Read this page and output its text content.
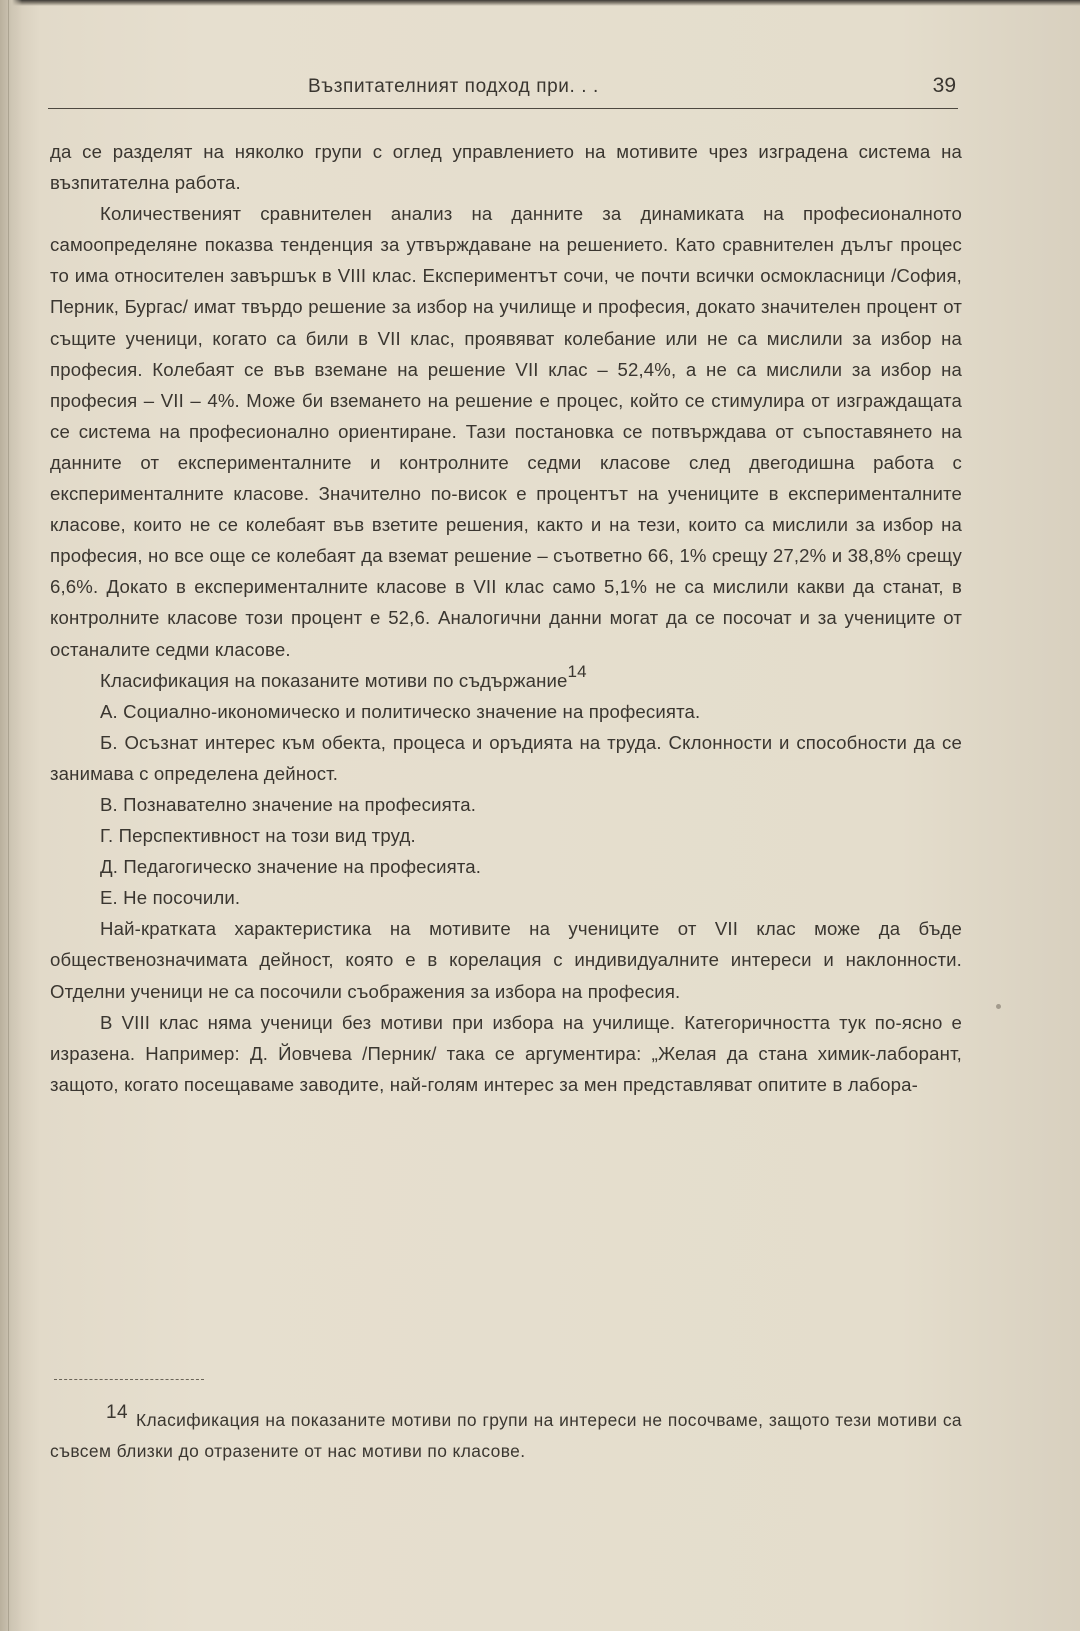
Възпитателният подход при. . .	39

да се разделят на няколко групи с оглед управлението на мотивите чрез изградена система на възпитателна работа.

Количественият сравнителен анализ на данните за динамиката на професионалното самоопределяне показва тенденция за утвърждаване на решението. Като сравнителен дълъг процес то има относителен завършък в VIII клас. Експериментът сочи, че почти всички осмокласници /София, Перник, Бургас/ имат твърдо решение за избор на училище и професия, докато значителен процент от същите ученици, когато са били в VII клас, проявяват колебание или не са мислили за избор на професия. Колебаят се във вземане на решение VII клас – 52,4%, а не са мислили за избор на професия – VII – 4%. Може би вземането на решение е процес, който се стимулира от изграждащата се система на професионално ориентиране. Тази постановка се потвърждава от съпоставянето на данните от експерименталните и контролните седми класове след двегодишна работа с експерименталните класове. Значително по-висок е процентът на учениците в експерименталните класове, които не се колебаят във взетите решения, както и на тези, които са мислили за избор на професия, но все още се колебаят да вземат решение – съответно 66, 1% срещу 27,2% и 38,8% срещу 6,6%. Докато в експерименталните класове в VII клас само 5,1% не са мислили какви да станат, в контролните класове този процент е 52,6. Аналогични данни могат да се посочат и за учениците от останалите седми класове.

Класификация на показаните мотиви по съдържание$^{14}$

А. Социално-икономическо и политическо значение на професията.

Б. Осъзнат интерес към обекта, процеса и оръдията на труда. Склонности и способности да се занимава с определена дейност.

В. Познавателно значение на професията.

Г. Перспективност на този вид труд.

Д. Педагогическо значение на професията.

Е. Не посочили.

Най-кратката характеристика на мотивите на учениците от VII клас може да бъде общественозначимата дейност, която е в корелация с индивидуалните интереси и наклонности. Отделни ученици не са посочили съображения за избора на професия.

В VIII клас няма ученици без мотиви при избора на училище. Категоричността тук по-ясно е изразена. Например: Д. Йовчева /Перник/ така се аргументира: „Желая да стана химик-лаборант, защото, когато посещаваме заводите, най-голям интерес за мен представляват опитите в лабора-

14 Класификация на показаните мотиви по групи на интереси не посочваме, защото тези мотиви са съвсем близки до отразените от нас мотиви по класове.
